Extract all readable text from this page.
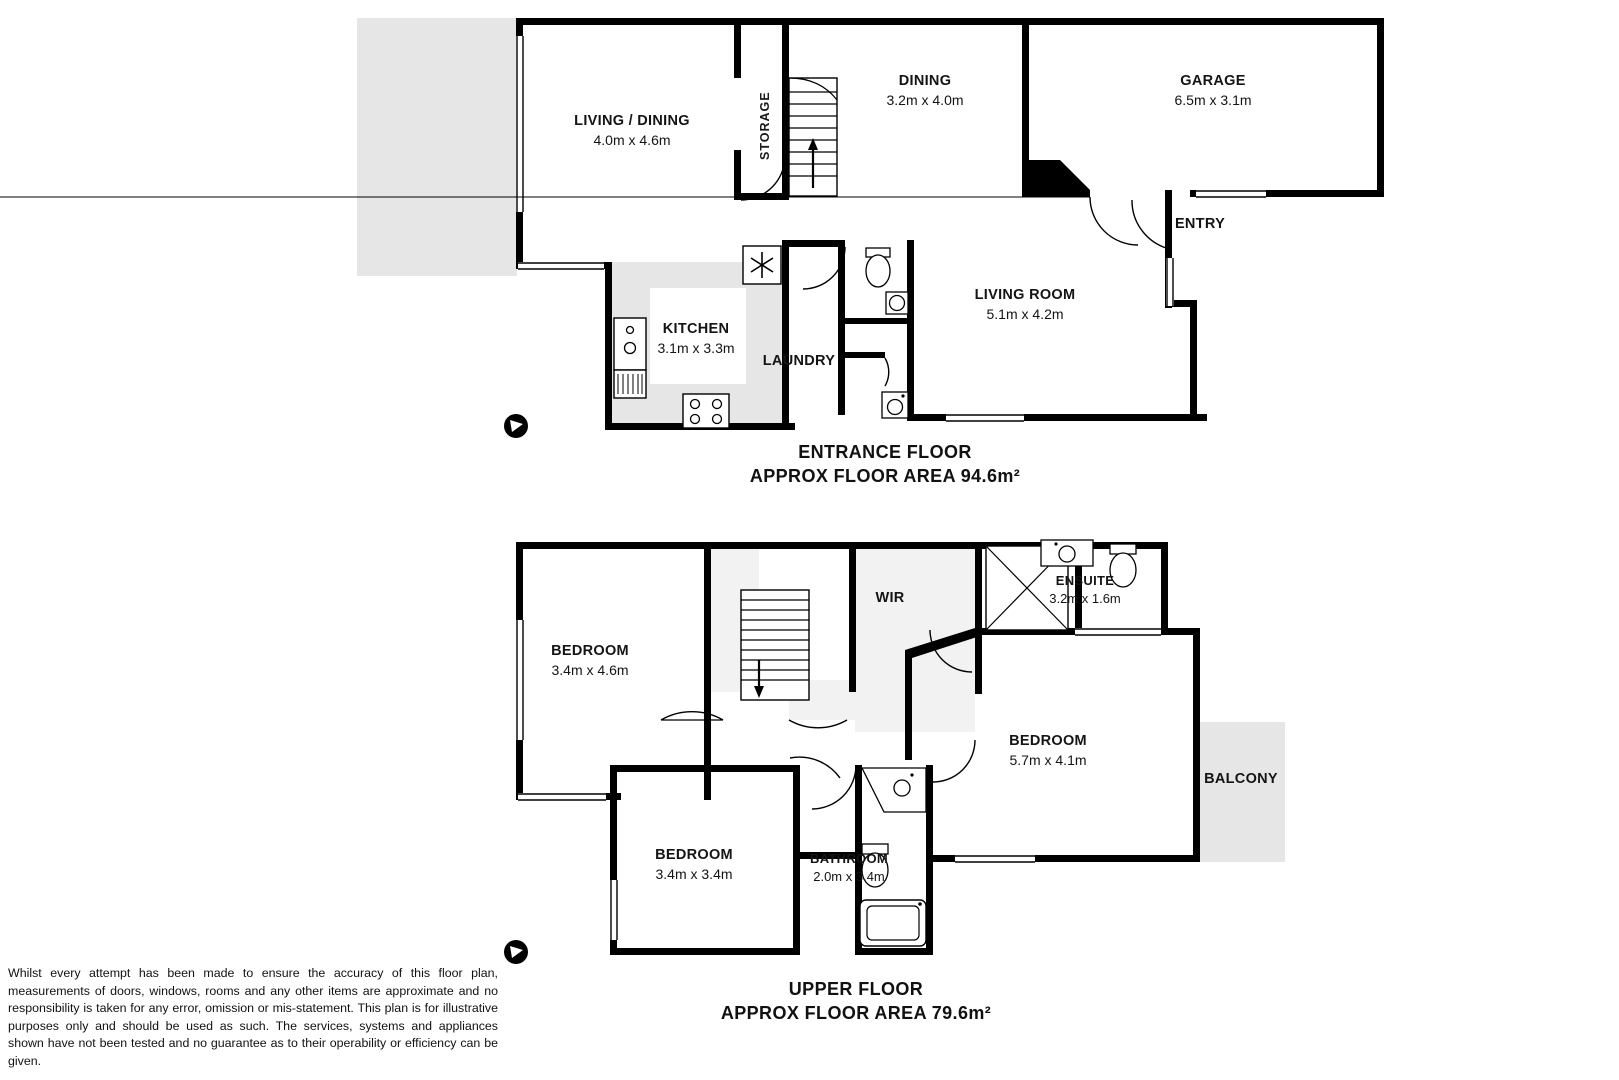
LIVING / DINING
4.0m x 4.6m	STORAGE
DINING
3.2m x 4.0m
GARAGE
6.5m x 3.1m
ENTRY
KITCHEN
3.1m x 3.3m
LAUNDRY
LIVING ROOM
5.1m x 4.2m
ENTRANCE FLOOR
APPROX FLOOR AREA 94.6m²
BEDROOM
3.4m x 4.6m
WIR
ENSUITE
3.2m x 1.6m
BEDROOM
5.7m x 4.1m
BALCONY
BEDROOM
3.4m x 3.4m
BATHROOM
2.0m x 3.4m
UPPER FLOOR
APPROX FLOOR AREA 79.6m²
Whilst every attempt has been made to ensure the accuracy of this floor plan, measurements of doors, windows, rooms and any other items are approximate and no responsibility is taken for any error, omission or mis-statement. This plan is for illustrative purposes only and should be used as such. The services, systems and appliances shown have not been tested and no guarantee as to their operability or efficiency can be given.
